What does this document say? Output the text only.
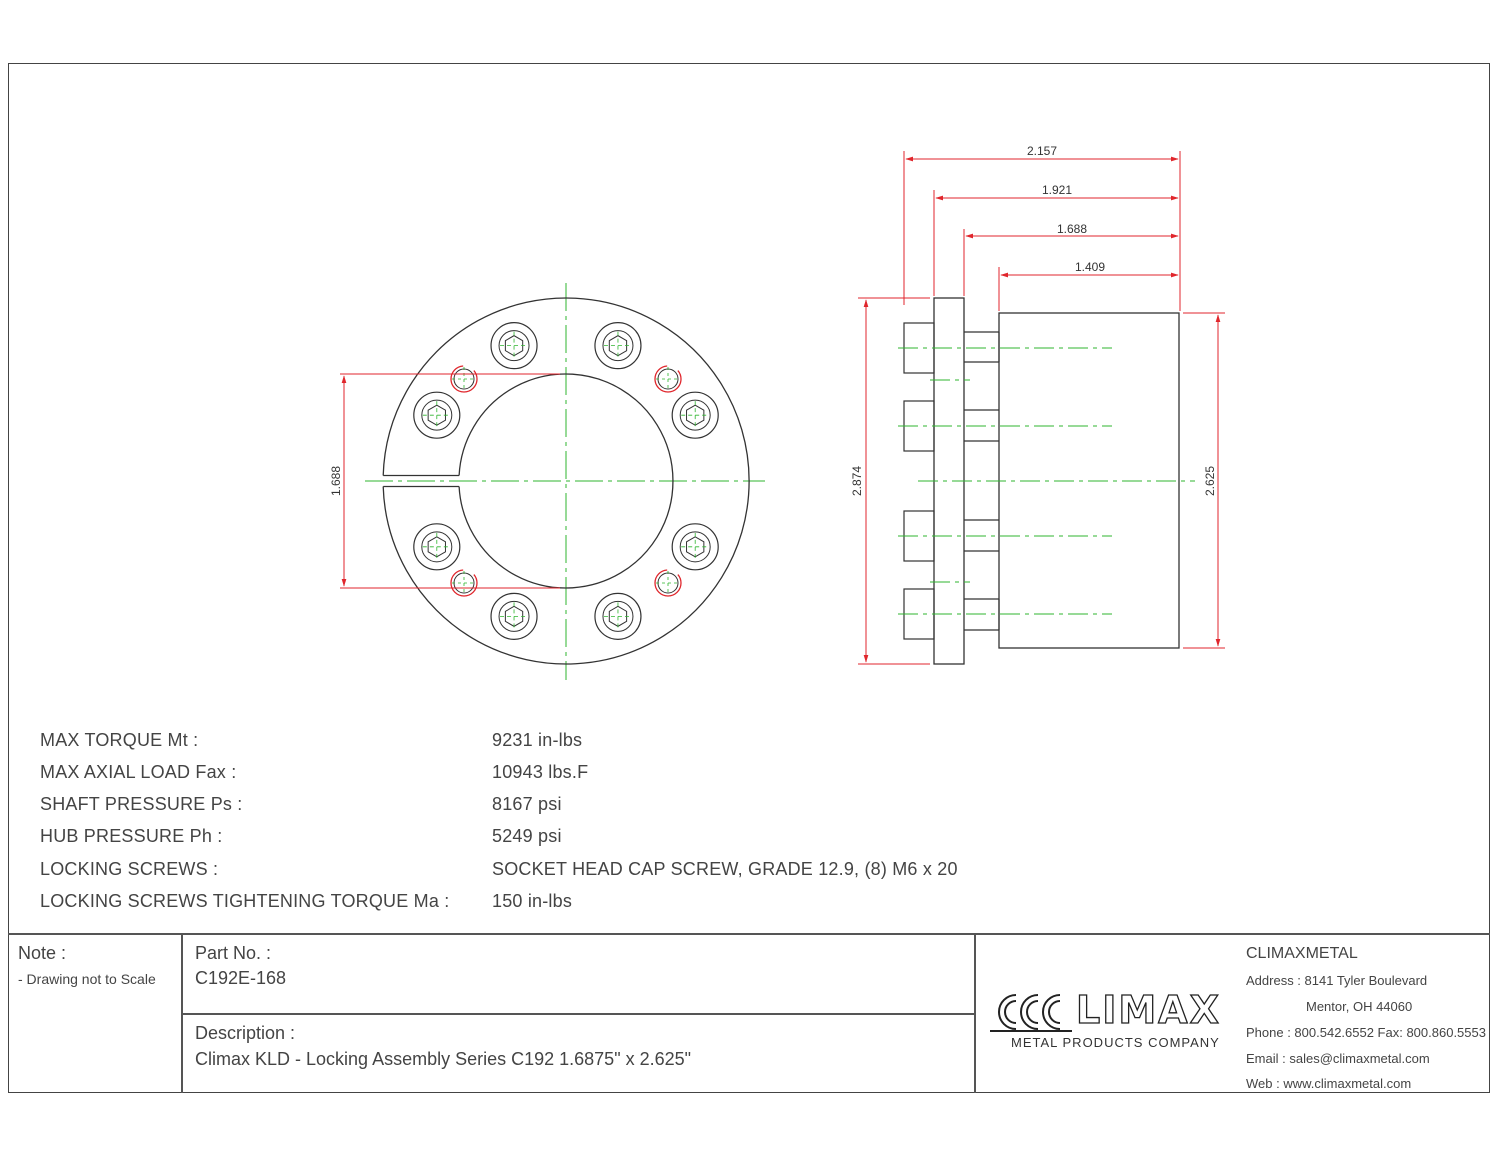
1.688
2.157
1.921
1.688
1.409
2.874	2.625
MAX TORQUE Mt :	9231 in-lbs
MAX AXIAL LOAD Fax :	10943 lbs.F
SHAFT PRESSURE Ps :	8167 psi
HUB PRESSURE Ph :	5249 psi
LOCKING SCREWS :	SOCKET HEAD CAP SCREW, GRADE 12.9, (8) M6 x 20
LOCKING SCREWS TIGHTENING TORQUE Ma : 150 in-lbs
Note :
- Drawing not to Scale
Part No. :
C192E-168
Description :
Climax KLD - Locking Assembly Series C192 1.6875" x 2.625"
LIMAX
METAL PRODUCTS COMPANY
CLIMAXMETAL
Address : 8141 Tyler Boulevard
Mentor, OH 44060
Phone : 800.542.6552 Fax: 800.860.5553
Email : sales@climaxmetal.com
Web : www.climaxmetal.com
